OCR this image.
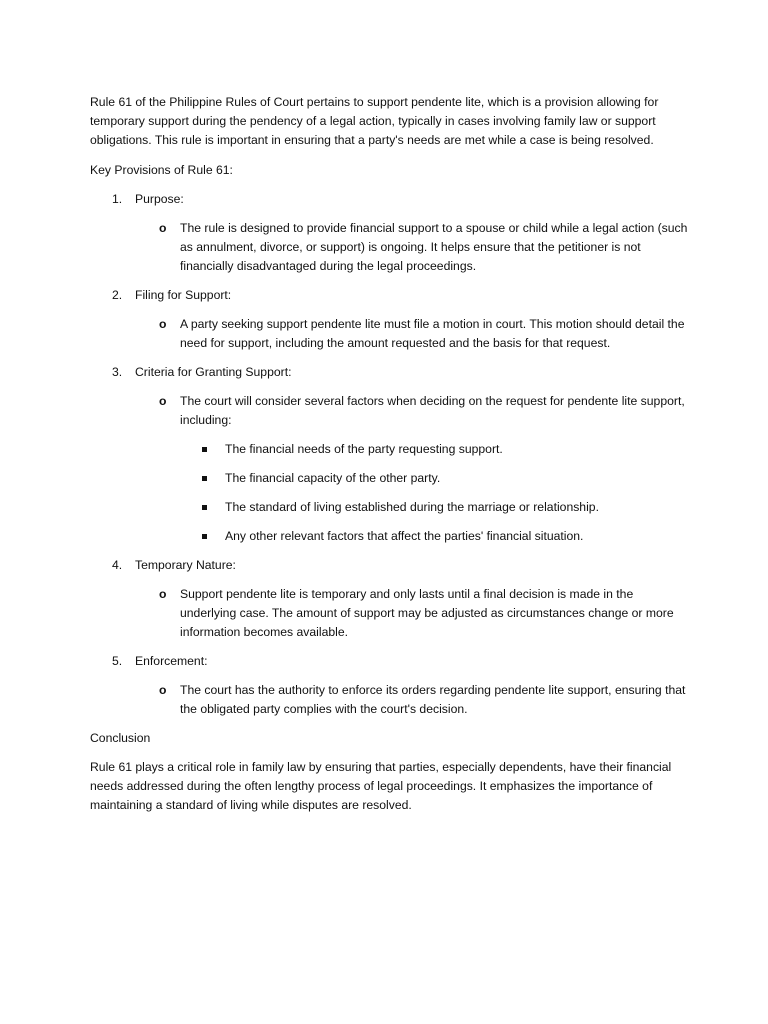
Rule 61 of the Philippine Rules of Court pertains to support pendente lite, which is a provision allowing for temporary support during the pendency of a legal action, typically in cases involving family law or support obligations. This rule is important in ensuring that a party's needs are met while a case is being resolved.

Key Provisions of Rule 61:

1. Purpose:

o The rule is designed to provide financial support to a spouse or child while a legal action (such as annulment, divorce, or support) is ongoing. It helps ensure that the petitioner is not financially disadvantaged during the legal proceedings.

2. Filing for Support:

o A party seeking support pendente lite must file a motion in court. This motion should detail the need for support, including the amount requested and the basis for that request.

3. Criteria for Granting Support:

o The court will consider several factors when deciding on the request for pendente lite support, including:

The financial needs of the party requesting support.

The financial capacity of the other party.

The standard of living established during the marriage or relationship.

Any other relevant factors that affect the parties' financial situation.

4. Temporary Nature:

o Support pendente lite is temporary and only lasts until a final decision is made in the underlying case. The amount of support may be adjusted as circumstances change or more information becomes available.

5. Enforcement:

o The court has the authority to enforce its orders regarding pendente lite support, ensuring that the obligated party complies with the court's decision.

Conclusion

Rule 61 plays a critical role in family law by ensuring that parties, especially dependents, have their financial needs addressed during the often lengthy process of legal proceedings. It emphasizes the importance of maintaining a standard of living while disputes are resolved.
